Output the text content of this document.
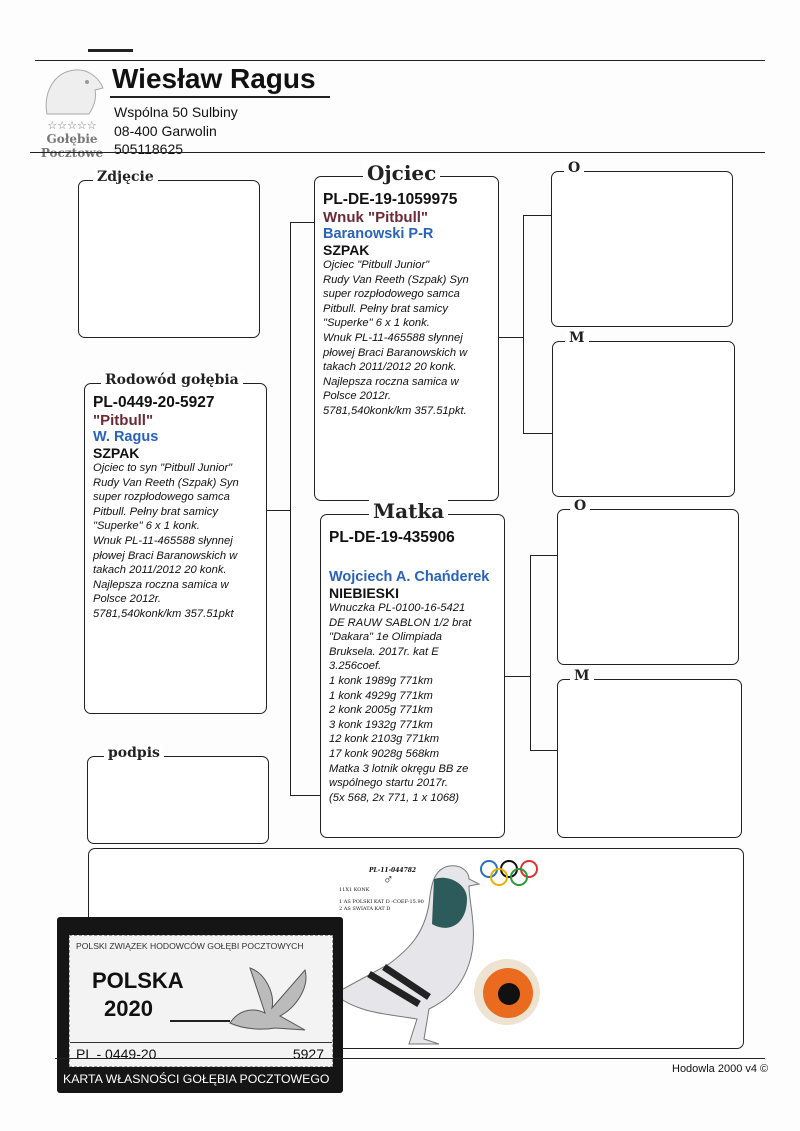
☆☆☆☆☆
Gołębie
Pocztowe
Wiesław Ragus
Wspólna 50 Sulbiny
08-400 Garwolin
505118625
Zdjęcie
Rodowód gołębia
PL-0449-20-5927
"Pitbull"
W. Ragus
SZPAK
Ojciec to syn "Pitbull Junior"
Rudy Van Reeth (Szpak) Syn
super rozpłodowego samca
Pitbull. Pełny brat samicy
"Superke" 6 x 1 konk.
Wnuk PL-11-465588 słynnej
płowej Braci Baranowskich w
takach 2011/2012 20 konk.
Najlepsza roczna samica w
Polsce 2012r.
5781,540konk/km 357.51pkt
podpis
Ojciec
PL-DE-19-1059975
Wnuk "Pitbull"
Baranowski P-R
SZPAK
Ojciec "Pitbull Junior"
Rudy Van Reeth (Szpak) Syn
super rozpłodowego samca
Pitbull. Pełny brat samicy
"Superke" 6 x 1 konk.
Wnuk PL-11-465588 słynnej
płowej Braci Baranowskich w
takach 2011/2012 20 konk.
Najlepsza roczna samica w
Polsce 2012r.
5781,540konk/km 357.51pkt.
Matka
PL-DE-19-435906
Wojciech A. Chańderek
NIEBIESKI
Wnuczka PL-0100-16-5421
DE RAUW SABLON 1/2 brat
"Dakara" 1e Olimpiada
Bruksela. 2017r. kat E
3.256coef.
1 konk 1989g 771km
1 konk 4929g 771km
2 konk 2005g 771km
3 konk 1932g 771km
12 konk 2103g 771km
17 konk 9028g 568km
Matka 3 lotnik okręgu BB ze
wspólnego startu 2017r.
(5x 568, 2x 771, 1 x 1068)
O
M
O
M
PL-11-044782
♂
11X1 KONK
1 AS POLSKI KAT D -COEF-15.90
2 AS SWIATA KAT D
POLSKI ZWIĄZEK HODOWCÓW GOŁĘBI POCZTOWYCH
POLSKA
2020
PL - 0449-20	5927
KARTA WŁASNOŚCI GOŁĘBIA POCZTOWEGO
Hodowla 2000 v4 ©
